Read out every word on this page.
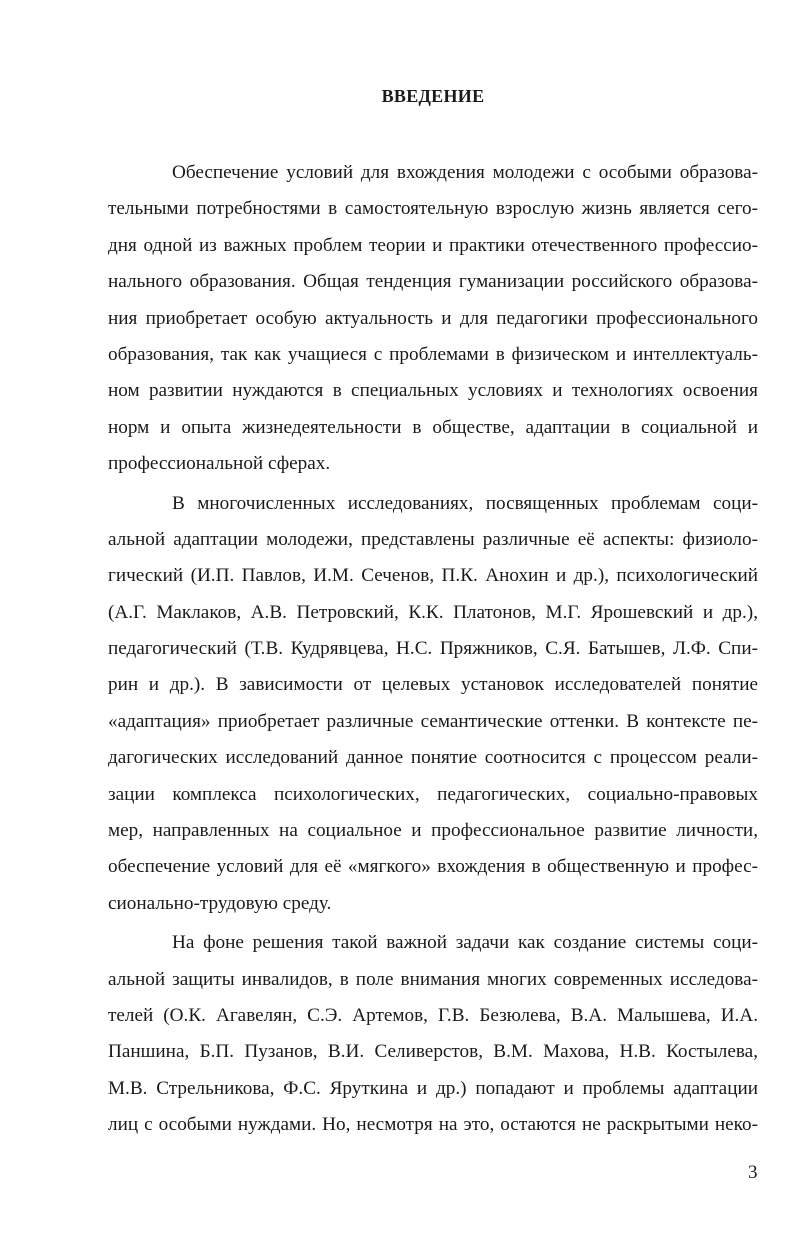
ВВЕДЕНИЕ
Обеспечение условий для вхождения молодежи с особыми образова-
тельными потребностями в самостоятельную взрослую жизнь является сего-
дня одной из важных проблем теории и практики отечественного профессио-
нального образования. Общая тенденция гуманизации российского образова-
ния приобретает особую актуальность и для педагогики профессионального
образования, так как учащиеся с проблемами в физическом и интеллектуаль-
ном развитии нуждаются в специальных условиях и технологиях освоения
норм и опыта жизнедеятельности в обществе, адаптации в социальной и
профессиональной сферах.
В многочисленных исследованиях, посвященных проблемам соци-
альной адаптации молодежи, представлены различные её аспекты: физиоло-
гический (И.П. Павлов, И.М. Сеченов, П.К. Анохин и др.), психологический
(А.Г. Маклаков, А.В. Петровский, К.К. Платонов, М.Г. Ярошевский и др.),
педагогический (Т.В. Кудрявцева, Н.С. Пряжников, С.Я. Батышев, Л.Ф. Спи-
рин и др.). В зависимости от целевых установок исследователей понятие
«адаптация» приобретает различные семантические оттенки. В контексте пе-
дагогических исследований данное понятие соотносится с процессом реали-
зации комплекса психологических, педагогических, социально-правовых
мер, направленных на социальное и профессиональное развитие личности,
обеспечение условий для её «мягкого» вхождения в общественную и профес-
сионально-трудовую среду.
На фоне решения такой важной задачи как создание системы соци-
альной защиты инвалидов, в поле внимания многих современных исследова-
телей (О.К. Агавелян, С.Э. Артемов, Г.В. Безюлева, В.А. Малышева, И.А.
Паншина, Б.П. Пузанов, В.И. Селиверстов, В.М. Махова, Н.В. Костылева,
М.В. Стрельникова, Ф.С. Яруткина и др.) попадают и проблемы адаптации
лиц с особыми нуждами. Но, несмотря на это, остаются не раскрытыми неко-
3
